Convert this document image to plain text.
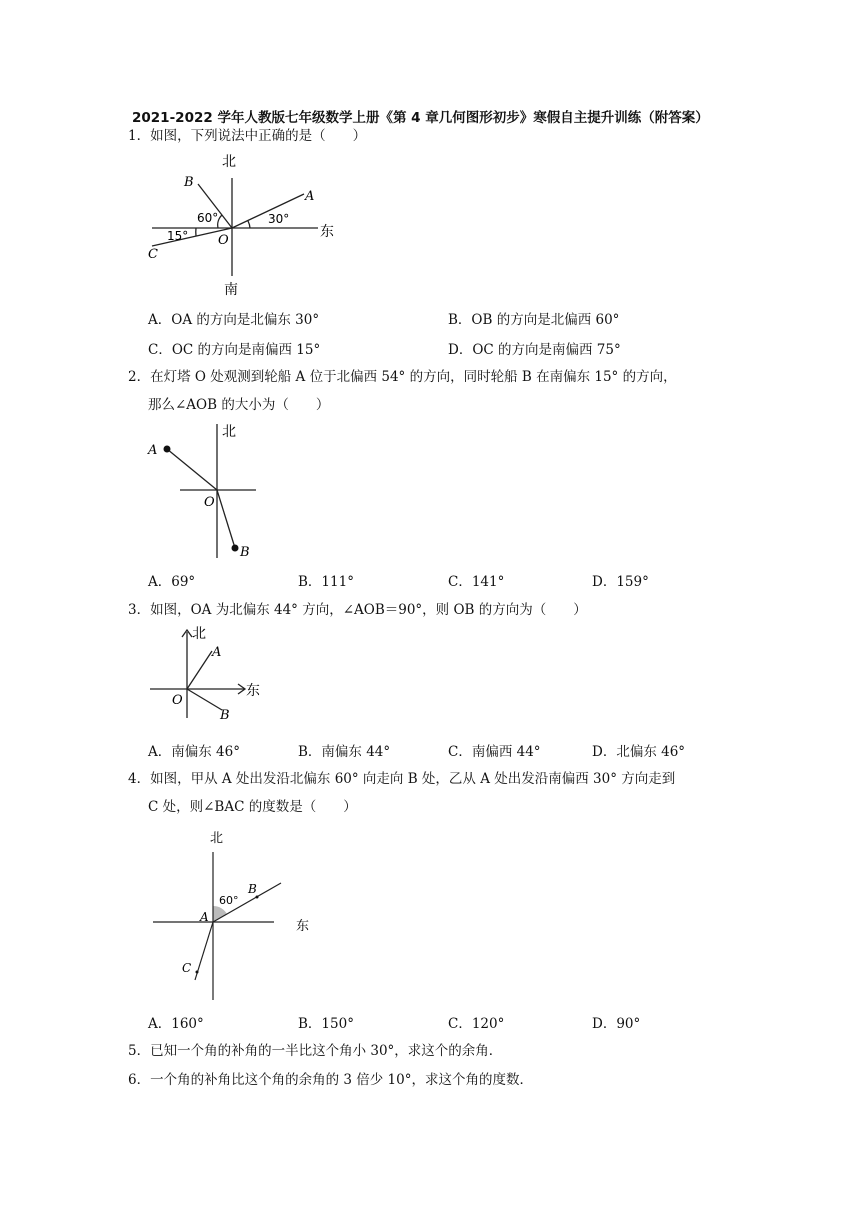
2021-2022 学年人教版七年级数学上册《第 4 章几何图形初步》寒假自主提升训练（附答案）
1．如图，下列说法中正确的是（　　）
北
南
东
A
B
C
O
60°	30°
15°
A．OA 的方向是北偏东 30°	B．OB 的方向是北偏西 60°
C．OC 的方向是南偏西 15°	D．OC 的方向是南偏西 75°
2．在灯塔 O 处观测到轮船 A 位于北偏西 54° 的方向，同时轮船 B 在南偏东 15° 的方向，
那么∠AOB 的大小为（　　）
北
A
B
O
A．69°	B．111°	C．141°	D．159°
3．如图，OA 为北偏东 44° 方向，∠AOB＝90°，则 OB 的方向为（　　）
北
东
A
B
O
A．南偏东 46°	B．南偏东 44°	C．南偏西 44°	D．北偏东 46°
4．如图，甲从 A 处出发沿北偏东 60° 向走向 B 处，乙从 A 处出发沿南偏西 30° 方向走到
C 处，则∠BAC 的度数是（　　）
北
东
B
C
A
60°
A．160°	B．150°	C．120°	D．90°
5．已知一个角的补角的一半比这个角小 30°，求这个的余角．
6．一个角的补角比这个角的余角的 3 倍少 10°，求这个角的度数．
